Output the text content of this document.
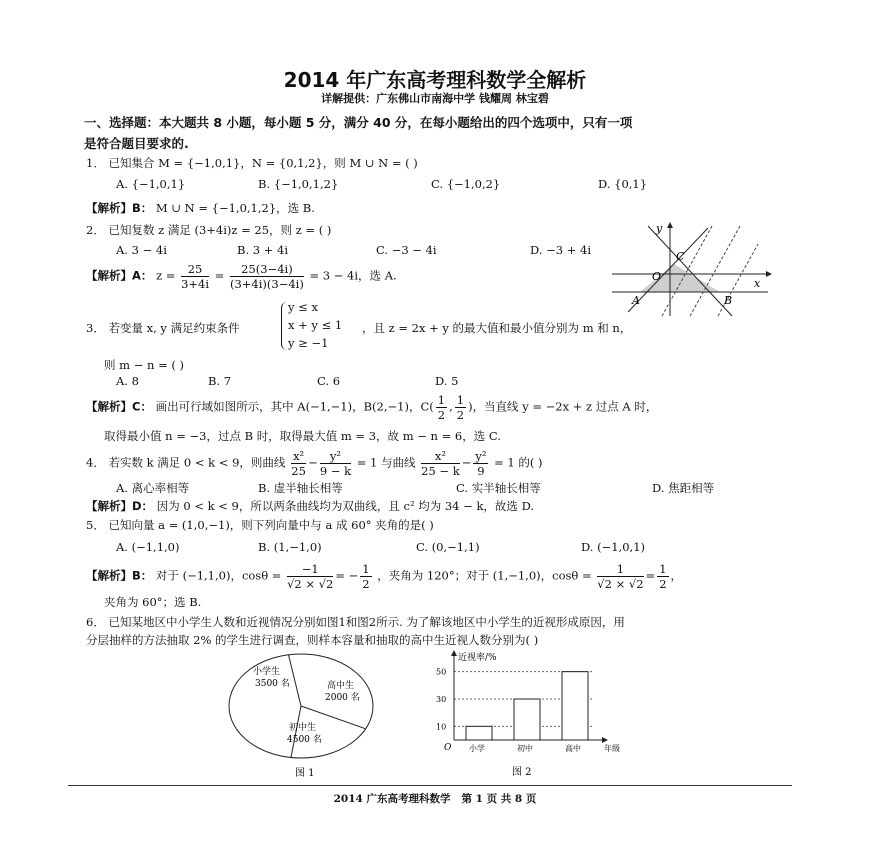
2014 年广东高考理科数学全解析
详解提供：广东佛山市南海中学 钱耀周 林宝碧
一、选择题：本大题共 8 小题，每小题 5 分，满分 40 分，在每小题给出的四个选项中，只有一项
是符合题目要求的.
1． 已知集合 M = {−1,0,1}，N = {0,1,2}，则 M ∪ N = ( )
A. {−1,0,1}	B. {−1,0,1,2}	C. {−1,0,2}	D. {0,1}
【解析】B： M ∪ N = {−1,0,1,2}，选 B.
2． 已知复数 z 满足 (3+4i)z = 25，则 z = ( )
A. 3 − 4i	B. 3 + 4i	C. −3 − 4i	D. −3 + 4i
【解析】A： $z = \frac{25}{3+4i} = \frac{25(3-4i)}{(3+4i)(3-4i)} = 3 - 4i$，选 A.
y
x
O
A	B
C
3． 若变量 x, y 满足约束条件
y ≤ x
x + y ≤ 1
y ≥ −1
，且 z = 2x + y 的最大值和最小值分别为 m 和 n，
则 m − n = ( )
A. 8	B. 7	C. 6	D. 5
【解析】C： 画出可行域如图所示，其中 A(−1,−1)，B(2,−1)，$C( \frac{1}{2}$ , $\frac{1}{2}$ )，当直线 y = −2x + z 过点 A 时，
取得最小值 n = −3，过点 B 时，取得最大值 m = 3，故 m − n = 6，选 C.
4． 若实数 k 满足 0 < k < 9，则曲线 $\frac{\text{x²}}{25} - \frac{\text{y²}}{9 - k} = 1$ 与曲线 $\frac{\text{x²}}{25 - k} - \frac{\text{y²}}{9} = 1$ 的( )
A. 离心率相等	B. 虚半轴长相等	C. 实半轴长相等	D. 焦距相等
【解析】D： 因为 0 < k < 9，所以两条曲线均为双曲线，且 c² 均为 34 − k，故选 D.
5． 已知向量 a = (1,0,−1)，则下列向量中与 a 成 60° 夹角的是( )
A. (−1,1,0)	B. (1,−1,0)	C. (0,−1,1)	D. (−1,0,1)
【解析】B： 对于 (−1,1,0)，$\cos\theta = \frac{-1}{√2 \times √2}$ = − $\frac{1}{2}$ ，夹角为 120°；对于 (1,−1,0)，$\cos\theta = \frac{1}{√2 \times √2} = \frac{1}{2}$ ，
夹角为 60°；选 B.
6． 已知某地区中小学生人数和近视情况分别如图1和图2所示. 为了解该地区中小学生的近视形成原因，用
分层抽样的方法抽取 2% 的学生进行调查，则样本容量和抽取的高中生近视人数分别为( )
小学生
3500 名	高中生
2000 名
初中生
4500 名
图 1
10
30
50
小学	初中	高中
近视率/%
年级
O
图 2
2014 广东高考理科数学 第 1 页 共 8 页
